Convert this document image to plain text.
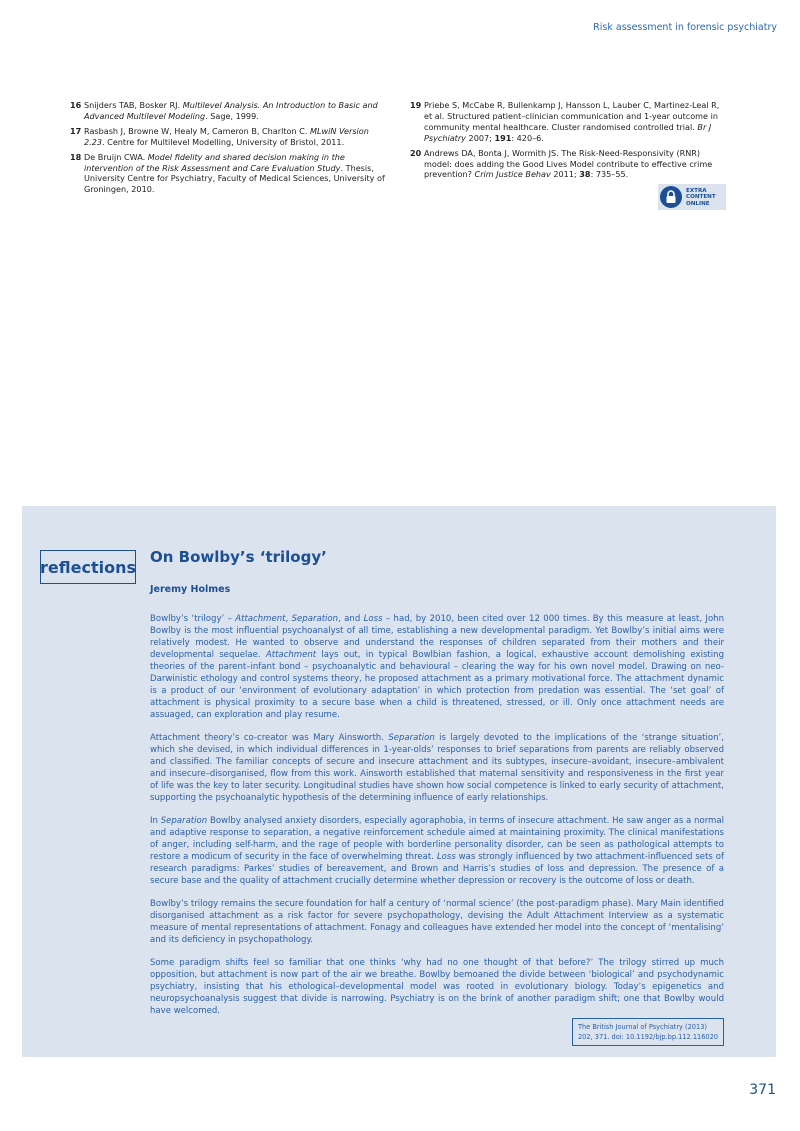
Risk assessment in forensic psychiatry
16 Snijders TAB, Bosker RJ. Multilevel Analysis. An Introduction to Basic and Advanced Multilevel Modeling. Sage, 1999.
17 Rasbash J, Browne W, Healy M, Cameron B, Charlton C. MLwiN Version 2.23. Centre for Multilevel Modelling, University of Bristol, 2011.
18 De Bruijn CWA. Model fidelity and shared decision making in the intervention of the Risk Assessment and Care Evaluation Study. Thesis, University Centre for Psychiatry, Faculty of Medical Sciences, University of Groningen, 2010.
19 Priebe S, McCabe R, Bullenkamp J, Hansson L, Lauber C, Martinez-Leal R, et al. Structured patient–clinician communication and 1-year outcome in community mental healthcare. Cluster randomised controlled trial. Br J Psychiatry 2007; 191: 420–6.
20 Andrews DA, Bonta J, Wormith JS. The Risk-Need-Responsivity (RNR) model: does adding the Good Lives Model contribute to effective crime prevention? Crim Justice Behav 2011; 38: 735–55.
EXTRA
CONTENT
ONLINE
reflections
On Bowlby’s ‘trilogy’
Jeremy Holmes

Bowlby’s ‘trilogy’ – Attachment, Separation, and Loss – had, by 2010, been cited over 12 000 times. By this measure at least, John Bowlby is the most influential psychoanalyst of all time, establishing a new developmental paradigm. Yet Bowlby’s initial aims were relatively modest. He wanted to observe and understand the responses of children separated from their mothers and their developmental sequelae. Attachment lays out, in typical Bowlbian fashion, a logical, exhaustive account demolishing existing theories of the parent–infant bond – psychoanalytic and behavioural – clearing the way for his own novel model. Drawing on neo-Darwinistic ethology and control systems theory, he proposed attachment as a primary motivational force. The attachment dynamic is a product of our ‘environment of evolutionary adaptation’ in which protection from predation was essential. The ‘set goal’ of attachment is physical proximity to a secure base when a child is threatened, stressed, or ill. Only once attachment needs are assuaged, can exploration and play resume.

Attachment theory’s co-creator was Mary Ainsworth. Separation is largely devoted to the implications of the ‘strange situation’, which she devised, in which individual differences in 1-year-olds’ responses to brief separations from parents are reliably observed and classified. The familiar concepts of secure and insecure attachment and its subtypes, insecure–avoidant, insecure–ambivalent and insecure–disorganised, flow from this work. Ainsworth established that maternal sensitivity and responsiveness in the first year of life was the key to later security. Longitudinal studies have shown how social competence is linked to early security of attachment, supporting the psychoanalytic hypothesis of the determining influence of early relationships.

In Separation Bowlby analysed anxiety disorders, especially agoraphobia, in terms of insecure attachment. He saw anger as a normal and adaptive response to separation, a negative reinforcement schedule aimed at maintaining proximity. The clinical manifestations of anger, including self-harm, and the rage of people with borderline personality disorder, can be seen as pathological attempts to restore a modicum of security in the face of overwhelming threat. Loss was strongly influenced by two attachment-influenced sets of research paradigms: Parkes’ studies of bereavement, and Brown and Harris’s studies of loss and depression. The presence of a secure base and the quality of attachment crucially determine whether depression or recovery is the outcome of loss or death.

Bowlby’s trilogy remains the secure foundation for half a century of ‘normal science’ (the post-paradigm phase). Mary Main identified disorganised attachment as a risk factor for severe psychopathology, devising the Adult Attachment Interview as a systematic measure of mental representations of attachment. Fonagy and colleagues have extended her model into the concept of ‘mentalising’ and its deficiency in psychopathology.

Some paradigm shifts feel so familiar that one thinks ‘why had no one thought of that before?’ The trilogy stirred up much opposition, but attachment is now part of the air we breathe. Bowlby bemoaned the divide between ‘biological’ and psychodynamic psychiatry, insisting that his ethological–developmental model was rooted in evolutionary biology. Today’s epigenetics and neuropsychoanalysis suggest that divide is narrowing. Psychiatry is on the brink of another paradigm shift; one that Bowlby would have welcomed.

The British Journal of Psychiatry (2013)
202, 371. doi: 10.1192/bjp.bp.112.116020
371
